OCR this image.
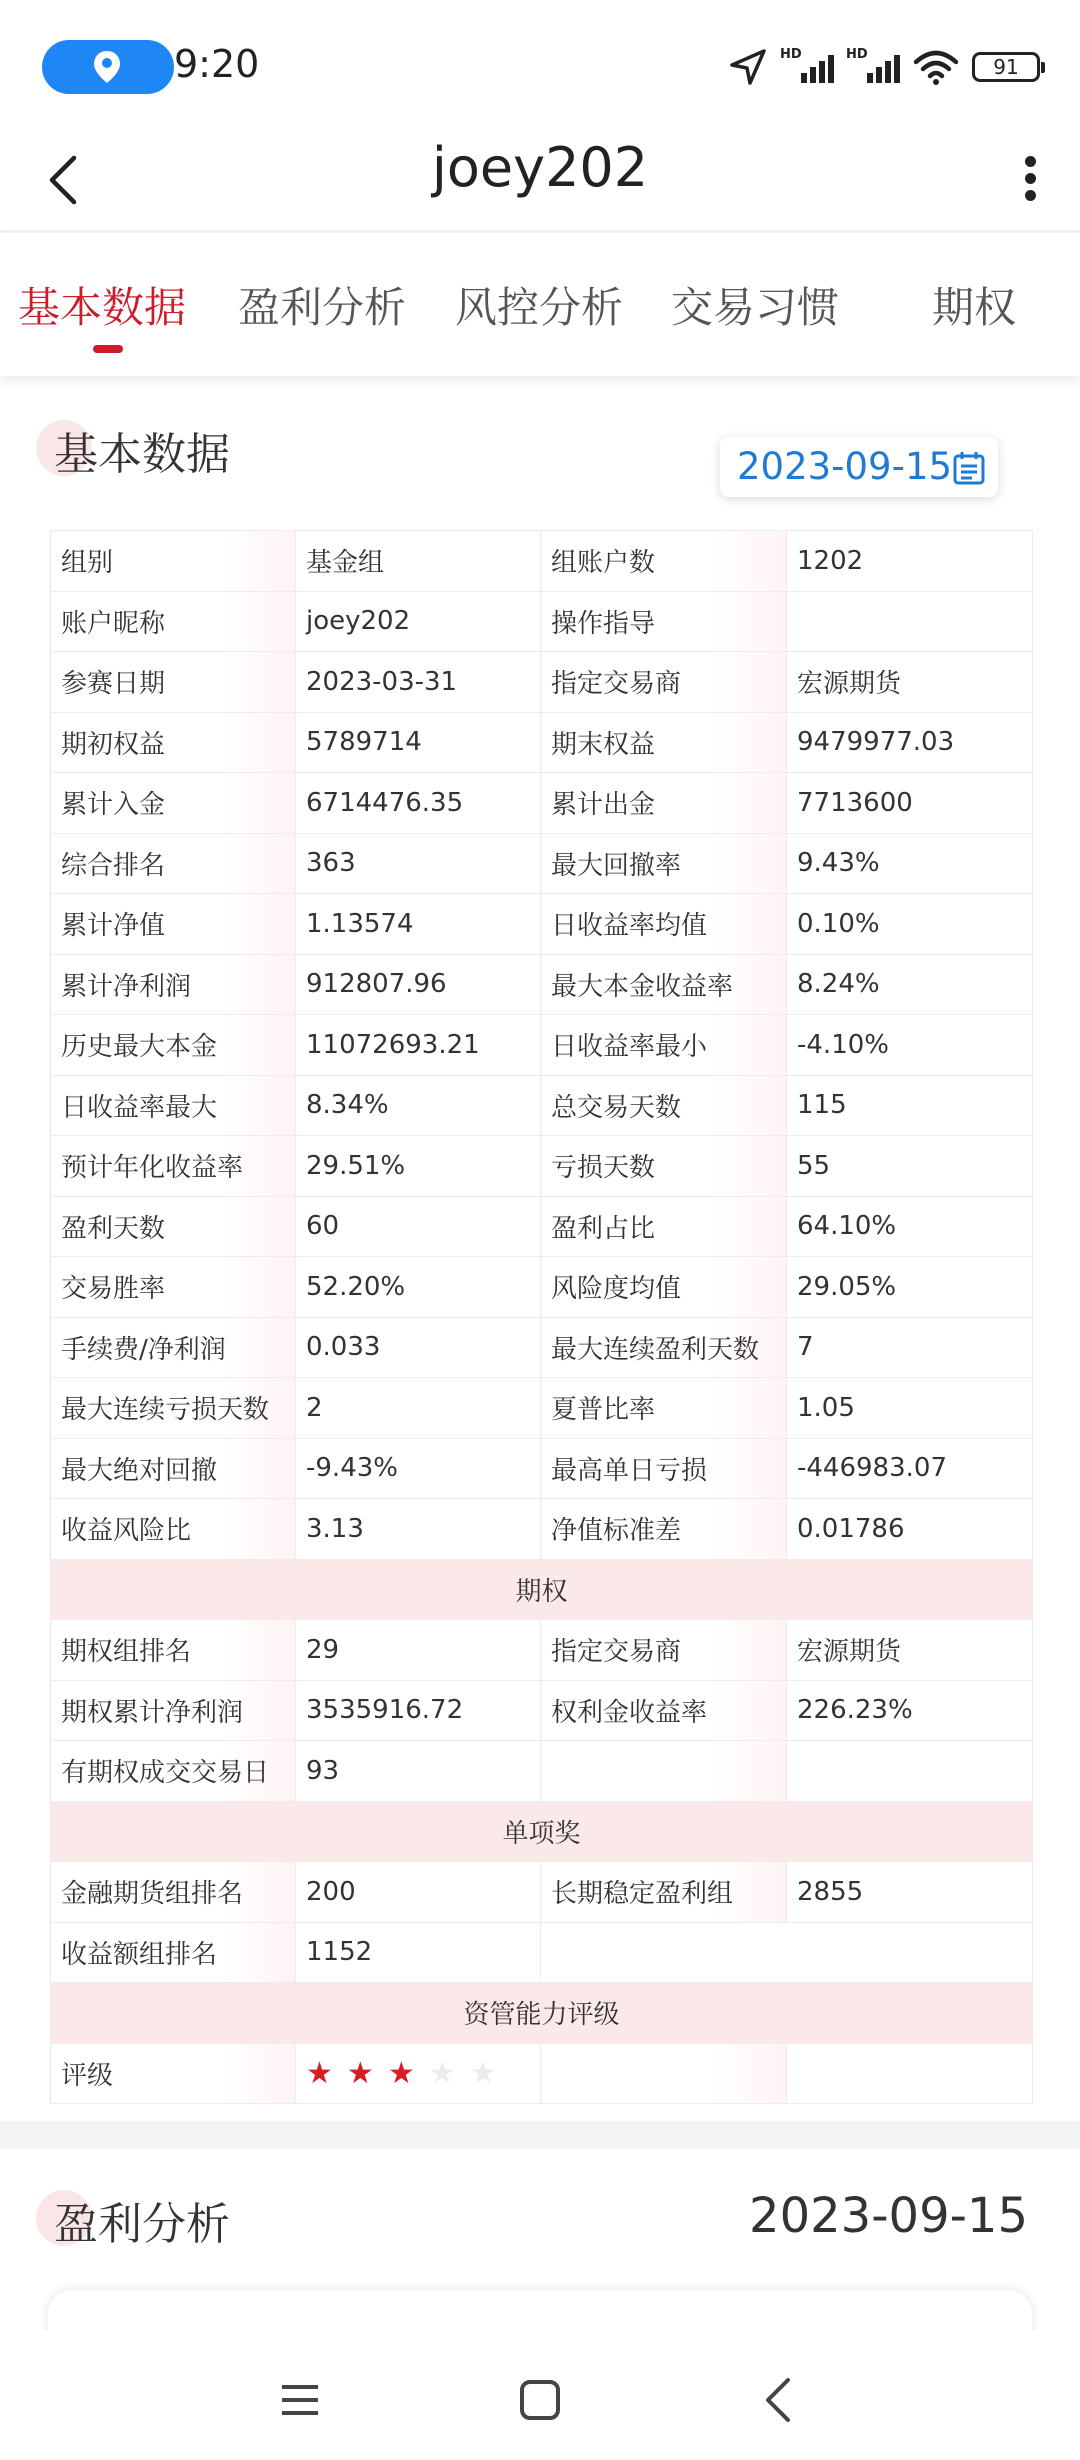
9:20	HD	HD
91
joey202
基本数据 盈利分析 风控分析 交易习惯 期权
基本数据	2023-09-15
组别	基金组	组账户数	1202
账户昵称	joey202	操作指导	
参赛日期	2023-03-31	指定交易商	宏源期货
期初权益	5789714	期末权益	9479977.03
累计入金	6714476.35	累计出金	7713600
综合排名	363	最大回撤率	9.43%
累计净值	1.13574	日收益率均值	0.10%
累计净利润	912807.96	最大本金收益率	8.24%
历史最大本金	11072693.21	日收益率最小	-4.10%
日收益率最大	8.34%	总交易天数	115
预计年化收益率	29.51%	亏损天数	55
盈利天数	60	盈利占比	64.10%
交易胜率	52.20%	风险度均值	29.05%
手续费/净利润	0.033	最大连续盈利天数	7
最大连续亏损天数	2	夏普比率	1.05
最大绝对回撤	-9.43%	最高单日亏损	-446983.07
收益风险比	3.13	净值标准差	0.01786
期权			
期权组排名	29	指定交易商	宏源期货
期权累计净利润	3535916.72	权利金收益率	226.23%
有期权成交交易日	93		
单项奖			
金融期货组排名	200	长期稳定盈利组	2855
收益额组排名	1152		
资管能力评级			
评级	★ ★ ★ ★ ★		
盈利分析	2023-09-15
